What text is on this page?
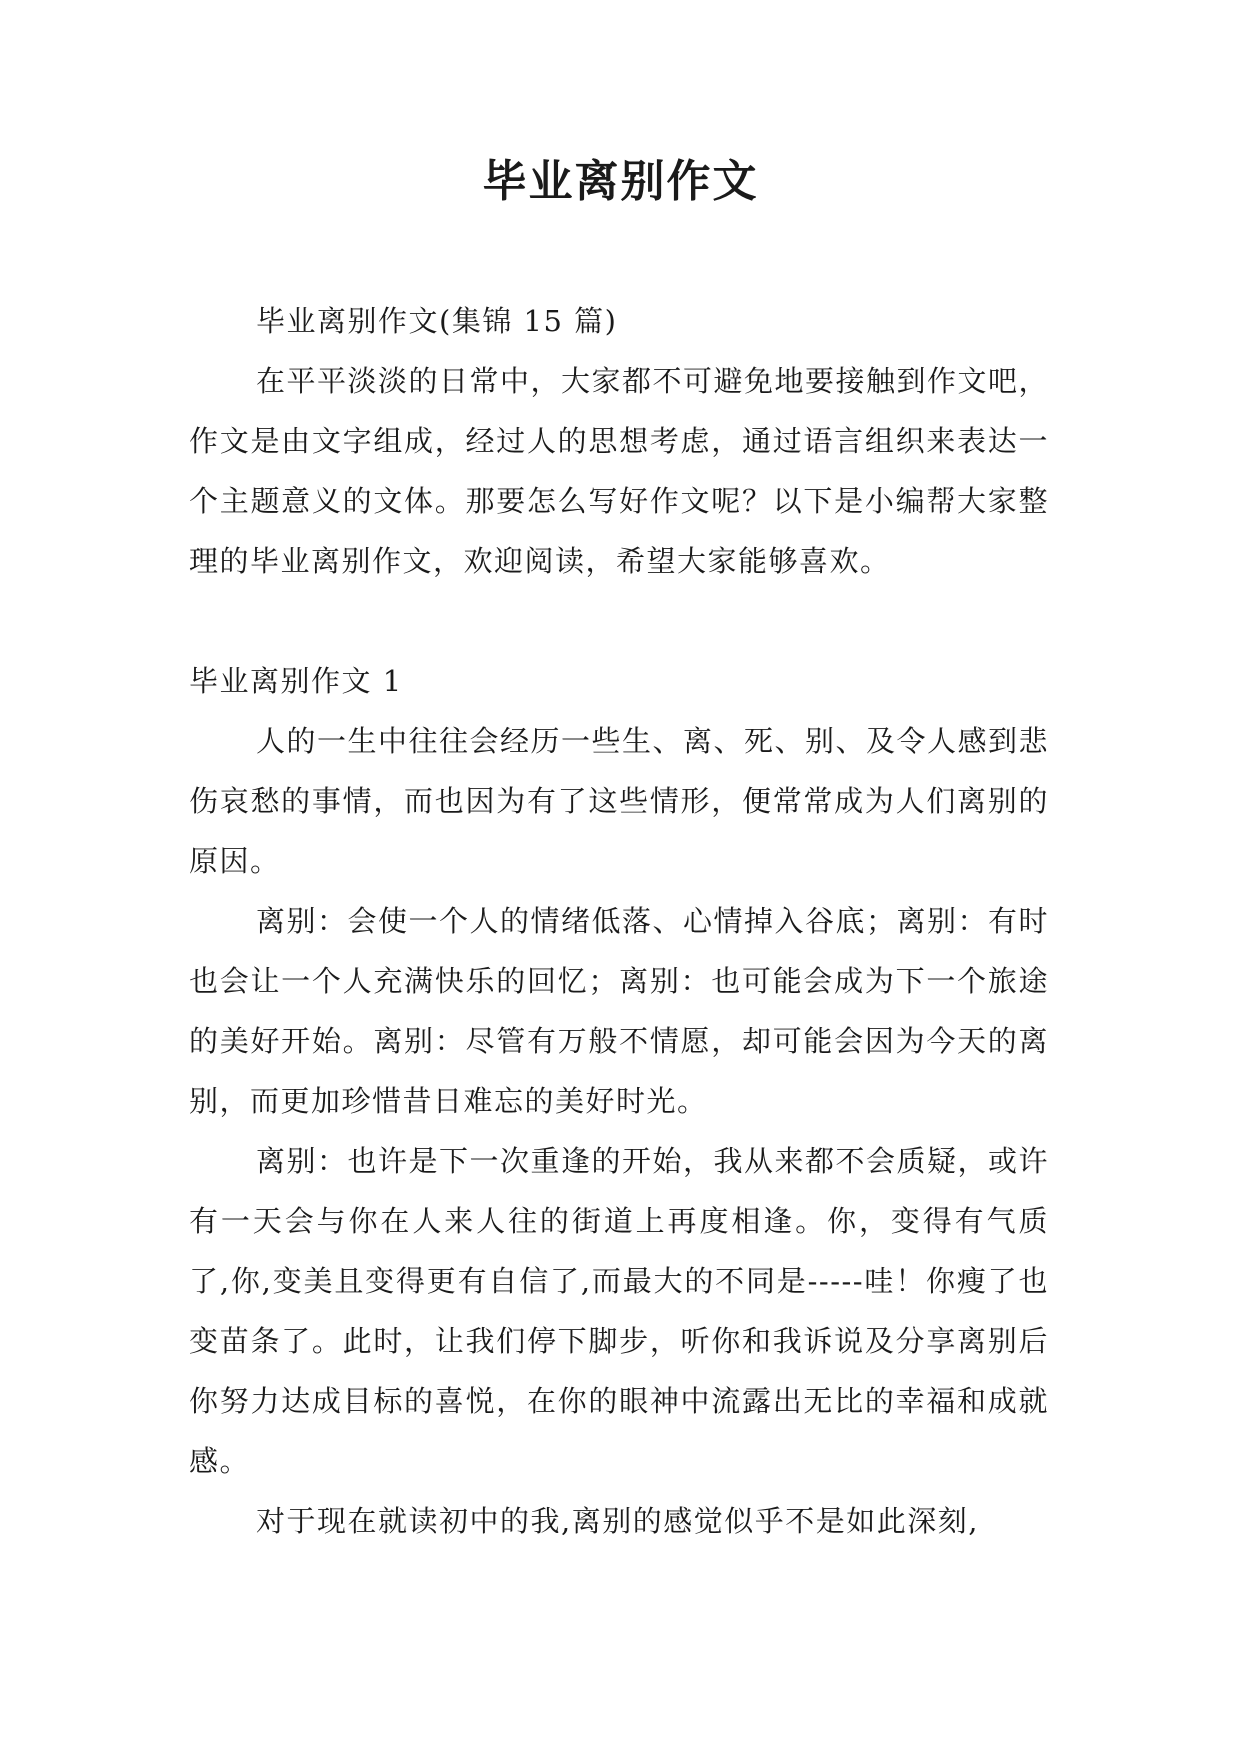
毕业离别作文

毕业离别作文(集锦 15 篇)

在平平淡淡的日常中，大家都不可避免地要接触到作文吧，作文是由文字组成，经过人的思想考虑，通过语言组织来表达一个主题意义的文体。那要怎么写好作文呢？以下是小编帮大家整理的毕业离别作文，欢迎阅读，希望大家能够喜欢。

毕业离别作文 1

人的一生中往往会经历一些生、离、死、别、及令人感到悲伤哀愁的事情，而也因为有了这些情形，便常常成为人们离别的原因。

离别：会使一个人的情绪低落、心情掉入谷底；离别：有时也会让一个人充满快乐的回忆；离别：也可能会成为下一个旅途的美好开始。离别：尽管有万般不情愿，却可能会因为今天的离别，而更加珍惜昔日难忘的美好时光。

离别：也许是下一次重逢的开始，我从来都不会质疑，或许有一天会与你在人来人往的街道上再度相逢。你，变得有气质了,你,变美且变得更有自信了,而最大的不同是-----哇！你瘦了也变苗条了。此时，让我们停下脚步，听你和我诉说及分享离别后你努力达成目标的喜悦，在你的眼神中流露出无比的幸福和成就感。

对于现在就读初中的我,离别的感觉似乎不是如此深刻,
